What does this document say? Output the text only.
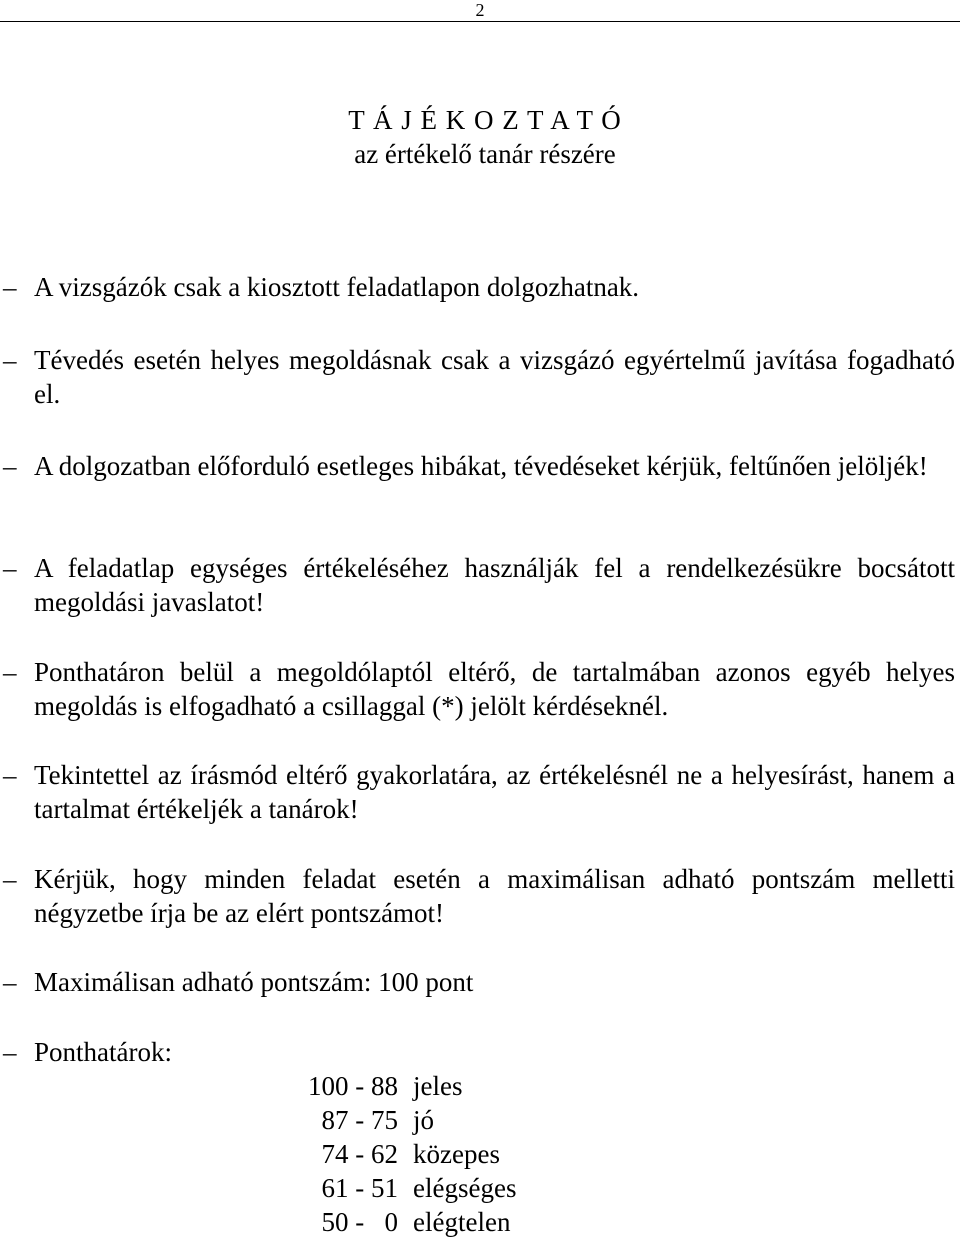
2
T Á J É K O Z T A T Ó
az értékelő tanár részére
– A vizsgázók csak a kiosztott feladatlapon dolgozhatnak.
– Tévedés esetén helyes megoldásnak csak a vizsgázó egyértelmű javítása fogadható el.
– A dolgozatban előforduló esetleges hibákat, tévedéseket kérjük, feltűnően jelöljék!
– A feladatlap egységes értékeléséhez használják fel a rendelkezésükre bocsátott megoldási javaslatot!
– Ponthatáron belül a megoldólaptól eltérő, de tartalmában azonos egyéb helyes megoldás is elfogadható a csillaggal (*) jelölt kérdéseknél.
– Tekintettel az írásmód eltérő gyakorlatára, az értékelésnél ne a helyesírást, hanem a tartalmat értékeljék a tanárok!
– Kérjük, hogy minden feladat esetén a maximálisan adható pontszám melletti négyzetbe írja be az elért pontszámot!
– Maximálisan adható pontszám: 100 pont
– Ponthatárok:
100 - 88 jeles
87 - 75 jó
74 - 62 közepes
61 - 51 elégséges
50 -   0 elégtelen
